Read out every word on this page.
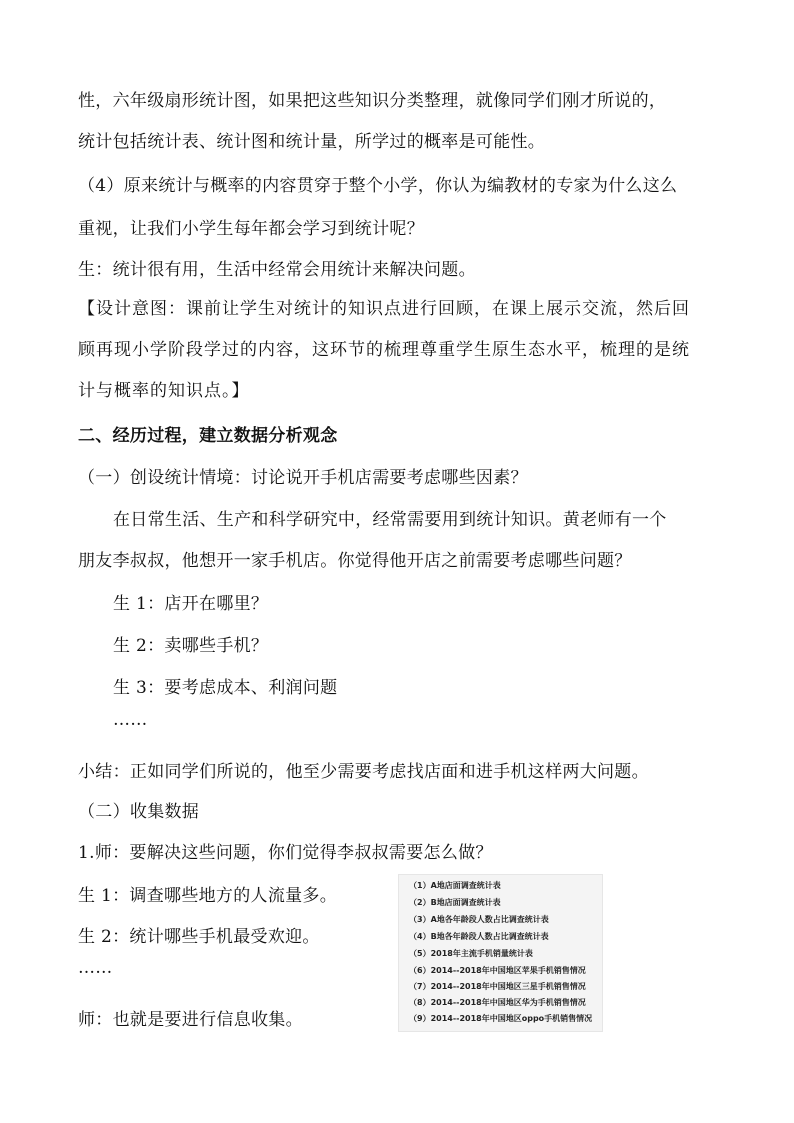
性，六年级扇形统计图，如果把这些知识分类整理，就像同学们刚才所说的，
统计包括统计表、统计图和统计量，所学过的概率是可能性。
（4）原来统计与概率的内容贯穿于整个小学，你认为编教材的专家为什么这么
重视，让我们小学生每年都会学习到统计呢？
生：统计很有用，生活中经常会用统计来解决问题。
【设计意图：课前让学生对统计的知识点进行回顾，在课上展示交流，然后回
顾再现小学阶段学过的内容，这环节的梳理尊重学生原生态水平，梳理的是统
计与概率的知识点。】
二、经历过程，建立数据分析观念
（一）创设统计情境：讨论说开手机店需要考虑哪些因素？
在日常生活、生产和科学研究中，经常需要用到统计知识。黄老师有一个
朋友李叔叔，他想开一家手机店。你觉得他开店之前需要考虑哪些问题？
生 1：店开在哪里？
生 2：卖哪些手机？
生 3：要考虑成本、利润问题
……
小结：正如同学们所说的，他至少需要考虑找店面和进手机这样两大问题。
（二）收集数据
1.师：要解决这些问题，你们觉得李叔叔需要怎么做？
生 1：调查哪些地方的人流量多。
生 2：统计哪些手机最受欢迎。
……
师：也就是要进行信息收集。
（1）A地店面调查统计表
（2）B地店面调查统计表
（3）A地各年龄段人数占比调查统计表
（4）B地各年龄段人数占比调查统计表
（5）2018年主流手机销量统计表
（6）2014--2018年中国地区苹果手机销售情况
（7）2014--2018年中国地区三星手机销售情况
（8）2014--2018年中国地区华为手机销售情况
（9）2014--2018年中国地区oppo手机销售情况
